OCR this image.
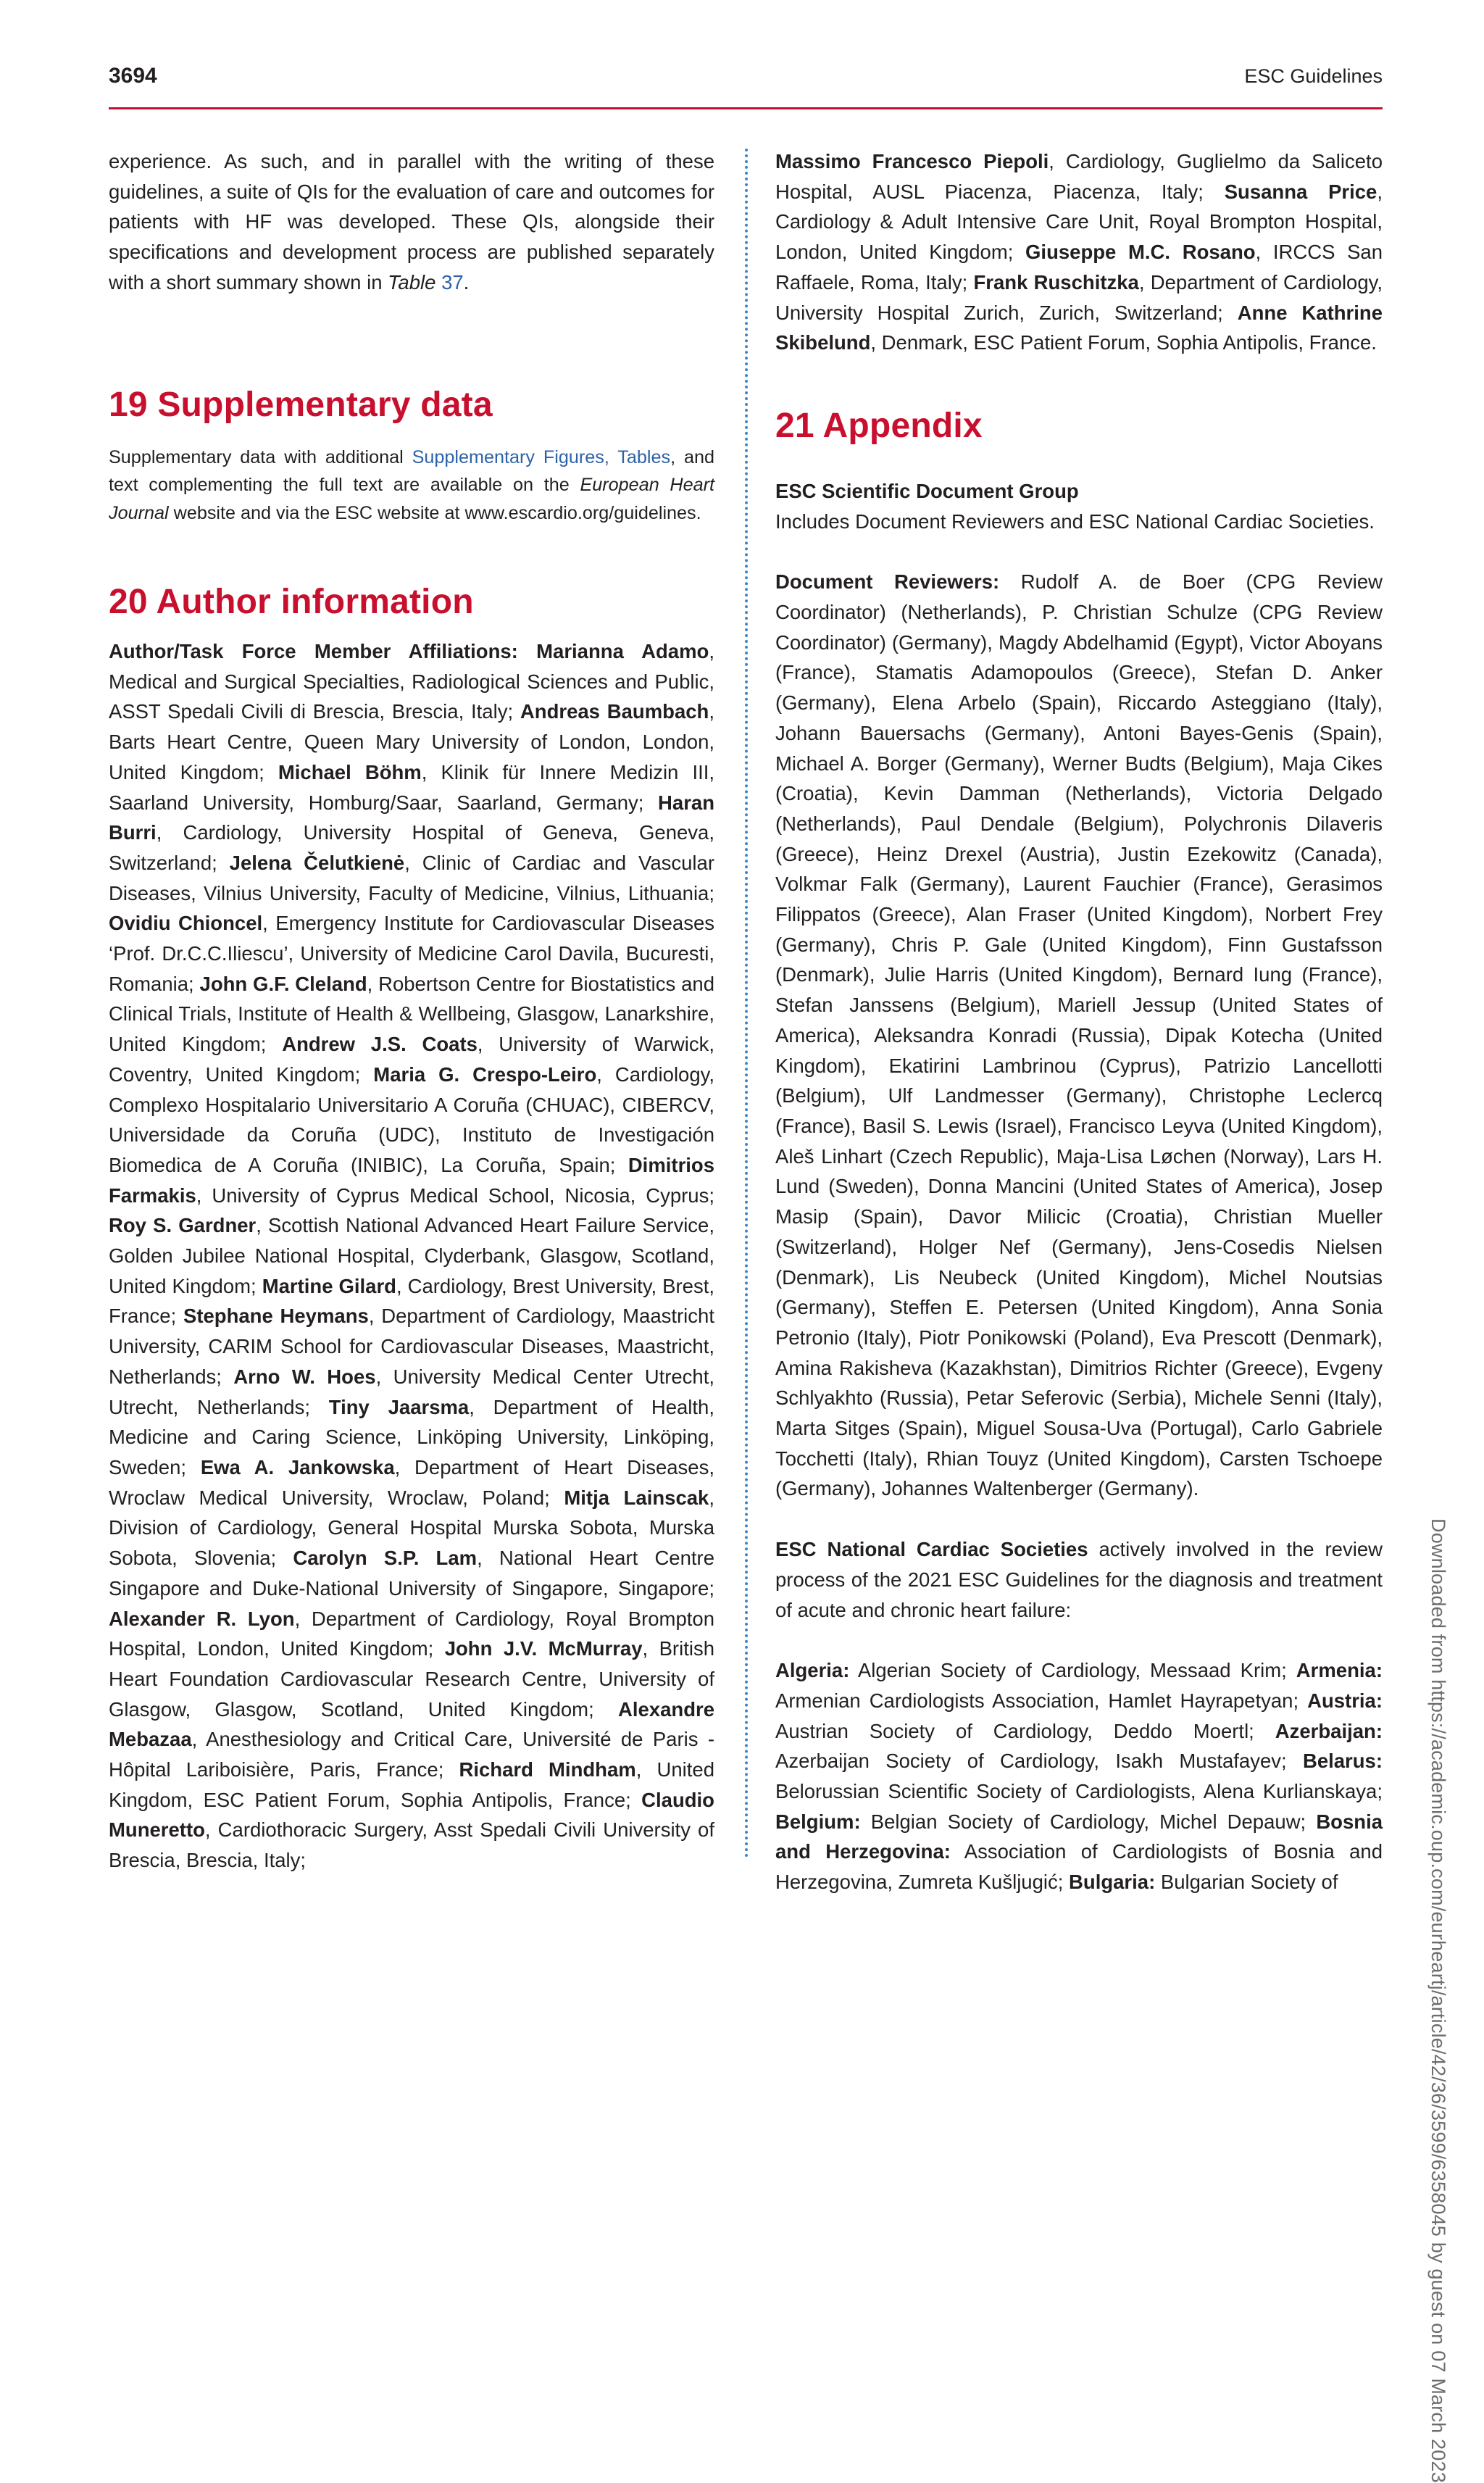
3694	ESC Guidelines

experience. As such, and in parallel with the writing of these guidelines, a suite of QIs for the evaluation of care and outcomes for patients with HF was developed. These QIs, alongside their specifications and development process are published separately with a short summary shown in Table 37.

19 Supplementary data

Supplementary data with additional Supplementary Figures, Tables, and text complementing the full text are available on the European Heart Journal website and via the ESC website at www.escardio.org/guidelines.

20 Author information

Author/Task Force Member Affiliations: Marianna Adamo, Medical and Surgical Specialties, Radiological Sciences and Public, ASST Spedali Civili di Brescia, Brescia, Italy; Andreas Baumbach, Barts Heart Centre, Queen Mary University of London, London, United Kingdom; Michael Böhm, Klinik für Innere Medizin III, Saarland University, Homburg/Saar, Saarland, Germany; Haran Burri, Cardiology, University Hospital of Geneva, Geneva, Switzerland; Jelena Čelutkienė, Clinic of Cardiac and Vascular Diseases, Vilnius University, Faculty of Medicine, Vilnius, Lithuania; Ovidiu Chioncel, Emergency Institute for Cardiovascular Diseases ‘Prof. Dr.C.C.Iliescu’, University of Medicine Carol Davila, Bucuresti, Romania; John G.F. Cleland, Robertson Centre for Biostatistics and Clinical Trials, Institute of Health & Wellbeing, Glasgow, Lanarkshire, United Kingdom; Andrew J.S. Coats, University of Warwick, Coventry, United Kingdom; Maria G. Crespo-Leiro, Cardiology, Complexo Hospitalario Universitario A Coruña (CHUAC), CIBERCV, Universidade da Coruña (UDC), Instituto de Investigación Biomedica de A Coruña (INIBIC), La Coruña, Spain; Dimitrios Farmakis, University of Cyprus Medical School, Nicosia, Cyprus; Roy S. Gardner, Scottish National Advanced Heart Failure Service, Golden Jubilee National Hospital, Clyderbank, Glasgow, Scotland, United Kingdom; Martine Gilard, Cardiology, Brest University, Brest, France; Stephane Heymans, Department of Cardiology, Maastricht University, CARIM School for Cardiovascular Diseases, Maastricht, Netherlands; Arno W. Hoes, University Medical Center Utrecht, Utrecht, Netherlands; Tiny Jaarsma, Department of Health, Medicine and Caring Science, Linköping University, Linköping, Sweden; Ewa A. Jankowska, Department of Heart Diseases, Wroclaw Medical University, Wroclaw, Poland; Mitja Lainscak, Division of Cardiology, General Hospital Murska Sobota, Murska Sobota, Slovenia; Carolyn S.P. Lam, National Heart Centre Singapore and Duke-National University of Singapore, Singapore; Alexander R. Lyon, Department of Cardiology, Royal Brompton Hospital, London, United Kingdom; John J.V. McMurray, British Heart Foundation Cardiovascular Research Centre, University of Glasgow, Glasgow, Scotland, United Kingdom; Alexandre Mebazaa, Anesthesiology and Critical Care, Université de Paris - Hôpital Lariboisière, Paris, France; Richard Mindham, United Kingdom, ESC Patient Forum, Sophia Antipolis, France; Claudio Muneretto, Cardiothoracic Surgery, Asst Spedali Civili University of Brescia, Brescia, Italy;

Massimo Francesco Piepoli, Cardiology, Guglielmo da Saliceto Hospital, AUSL Piacenza, Piacenza, Italy; Susanna Price, Cardiology & Adult Intensive Care Unit, Royal Brompton Hospital, London, United Kingdom; Giuseppe M.C. Rosano, IRCCS San Raffaele, Roma, Italy; Frank Ruschitzka, Department of Cardiology, University Hospital Zurich, Zurich, Switzerland; Anne Kathrine Skibelund, Denmark, ESC Patient Forum, Sophia Antipolis, France.

21 Appendix

ESC Scientific Document Group
Includes Document Reviewers and ESC National Cardiac Societies.

Document Reviewers: Rudolf A. de Boer (CPG Review Coordinator) (Netherlands), P. Christian Schulze (CPG Review Coordinator) (Germany), Magdy Abdelhamid (Egypt), Victor Aboyans (France), Stamatis Adamopoulos (Greece), Stefan D. Anker (Germany), Elena Arbelo (Spain), Riccardo Asteggiano (Italy), Johann Bauersachs (Germany), Antoni Bayes-Genis (Spain), Michael A. Borger (Germany), Werner Budts (Belgium), Maja Cikes (Croatia), Kevin Damman (Netherlands), Victoria Delgado (Netherlands), Paul Dendale (Belgium), Polychronis Dilaveris (Greece), Heinz Drexel (Austria), Justin Ezekowitz (Canada), Volkmar Falk (Germany), Laurent Fauchier (France), Gerasimos Filippatos (Greece), Alan Fraser (United Kingdom), Norbert Frey (Germany), Chris P. Gale (United Kingdom), Finn Gustafsson (Denmark), Julie Harris (United Kingdom), Bernard Iung (France), Stefan Janssens (Belgium), Mariell Jessup (United States of America), Aleksandra Konradi (Russia), Dipak Kotecha (United Kingdom), Ekatirini Lambrinou (Cyprus), Patrizio Lancellotti (Belgium), Ulf Landmesser (Germany), Christophe Leclercq (France), Basil S. Lewis (Israel), Francisco Leyva (United Kingdom), Aleš Linhart (Czech Republic), Maja-Lisa Løchen (Norway), Lars H. Lund (Sweden), Donna Mancini (United States of America), Josep Masip (Spain), Davor Milicic (Croatia), Christian Mueller (Switzerland), Holger Nef (Germany), Jens-Cosedis Nielsen (Denmark), Lis Neubeck (United Kingdom), Michel Noutsias (Germany), Steffen E. Petersen (United Kingdom), Anna Sonia Petronio (Italy), Piotr Ponikowski (Poland), Eva Prescott (Denmark), Amina Rakisheva (Kazakhstan), Dimitrios Richter (Greece), Evgeny Schlyakhto (Russia), Petar Seferovic (Serbia), Michele Senni (Italy), Marta Sitges (Spain), Miguel Sousa-Uva (Portugal), Carlo Gabriele Tocchetti (Italy), Rhian Touyz (United Kingdom), Carsten Tschoepe (Germany), Johannes Waltenberger (Germany).

ESC National Cardiac Societies actively involved in the review process of the 2021 ESC Guidelines for the diagnosis and treatment of acute and chronic heart failure:

Algeria: Algerian Society of Cardiology, Messaad Krim; Armenia: Armenian Cardiologists Association, Hamlet Hayrapetyan; Austria: Austrian Society of Cardiology, Deddo Moertl; Azerbaijan: Azerbaijan Society of Cardiology, Isakh Mustafayev; Belarus: Belorussian Scientific Society of Cardiologists, Alena Kurlianskaya; Belgium: Belgian Society of Cardiology, Michel Depauw; Bosnia and Herzegovina: Association of Cardiologists of Bosnia and Herzegovina, Zumreta Kušljugić; Bulgaria: Bulgarian Society of	Downloaded from https://academic.oup.com/eurheartj/article/42/36/3599/6358045 by guest on 07 March 2023
